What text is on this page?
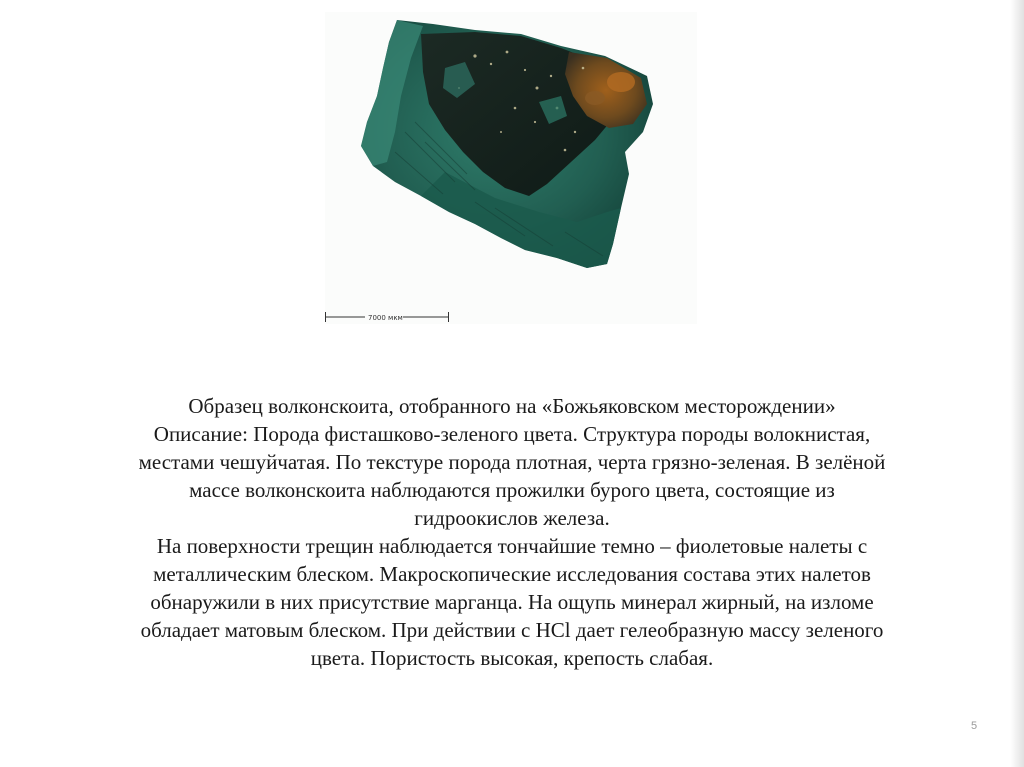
7000 мкм
Образец волконскоита, отобранного на «Божьяковском месторождении»
Описание: Порода фисташково-зеленого цвета. Структура породы волокнистая,
местами чешуйчатая. По текстуре порода плотная, черта грязно-зеленая. В зелёной
массе волконскоита наблюдаются прожилки бурого цвета, состоящие из
гидроокислов железа.
На поверхности трещин наблюдается тончайшие темно – фиолетовые налеты с
металлическим блеском. Макроскопические исследования состава этих налетов
обнаружили в них присутствие марганца. На ощупь минерал жирный, на изломе
обладает матовым блеском. При действии с HCl дает гелеобразную массу зеленого
цвета. Пористость высокая, крепость слабая.
5
